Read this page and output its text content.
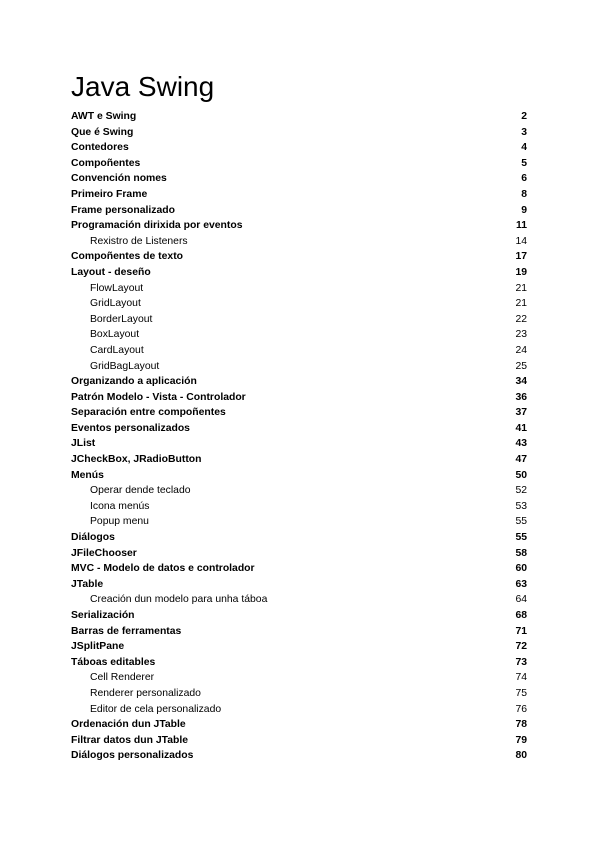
Java Swing
AWT e Swing	2
Que é Swing	3
Contedores	4
Compoñentes	5
Convención nomes	6
Primeiro Frame	8
Frame personalizado	9
Programación dirixida por eventos	11
Rexistro de Listeners	14
Compoñentes de texto	17
Layout - deseño	19
FlowLayout	21
GridLayout	21
BorderLayout	22
BoxLayout	23
CardLayout	24
GridBagLayout	25
Organizando a aplicación	34
Patrón Modelo - Vista - Controlador	36
Separación entre compoñentes	37
Eventos personalizados	41
JList	43
JCheckBox, JRadioButton	47
Menús	50
Operar dende teclado	52
Icona menús	53
Popup menu	55
Diálogos	55
JFileChooser	58
MVC - Modelo de datos e controlador	60
JTable	63
Creación dun modelo para unha táboa	64
Serialización	68
Barras de ferramentas	71
JSplitPane	72
Táboas editables	73
Cell Renderer	74
Renderer personalizado	75
Editor de cela personalizado	76
Ordenación dun JTable	78
Filtrar datos dun JTable	79
Diálogos personalizados	80
